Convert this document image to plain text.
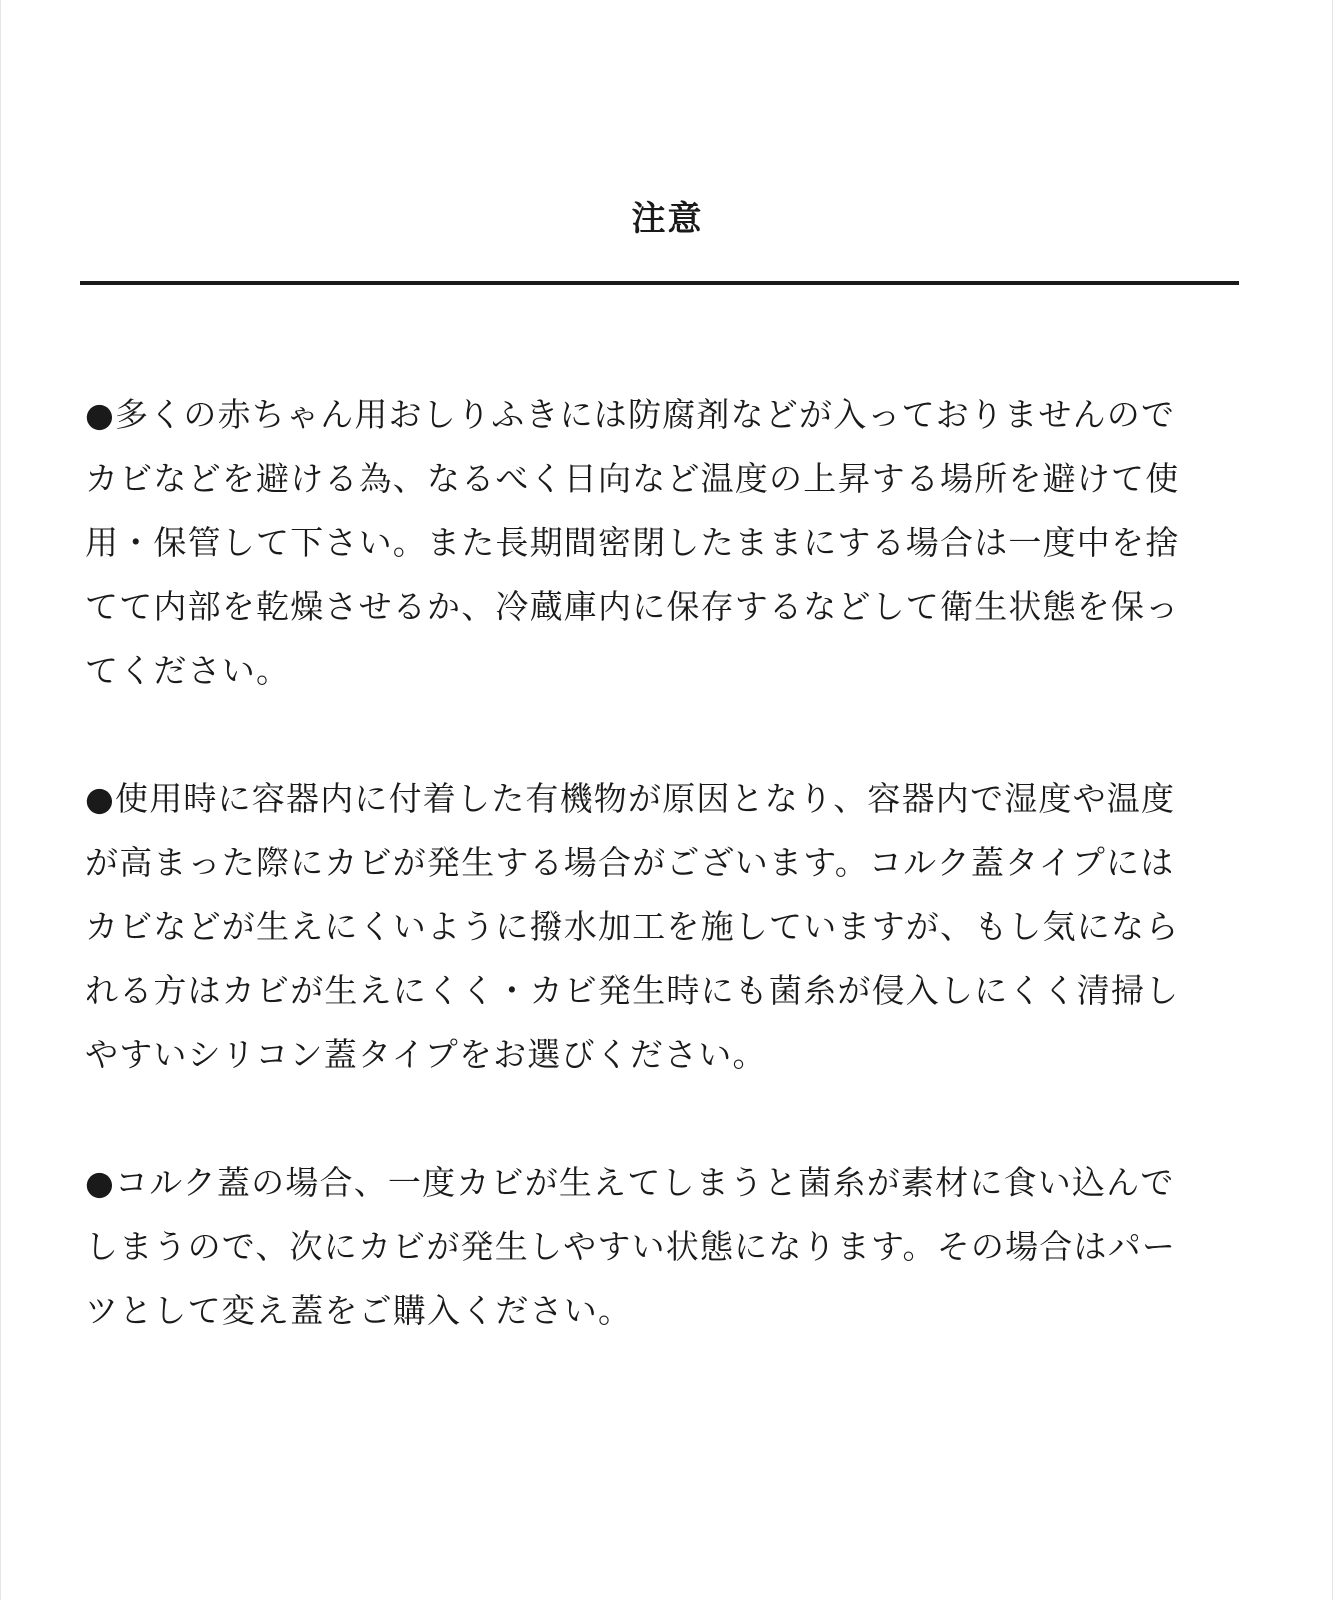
注意
●多くの赤ちゃん用おしりふきには防腐剤などが入っておりませんので
カビなどを避ける為、なるべく日向など温度の上昇する場所を避けて使
用・保管して下さい。また長期間密閉したままにする場合は一度中を捨
てて内部を乾燥させるか、冷蔵庫内に保存するなどして衛生状態を保っ
てください。
●使用時に容器内に付着した有機物が原因となり、容器内で湿度や温度
が高まった際にカビが発生する場合がございます。コルク蓋タイプには
カビなどが生えにくいように撥水加工を施していますが、もし気になら
れる方はカビが生えにくく・カビ発生時にも菌糸が侵入しにくく清掃し
やすいシリコン蓋タイプをお選びください。
●コルク蓋の場合、一度カビが生えてしまうと菌糸が素材に食い込んで
しまうので、次にカビが発生しやすい状態になります。その場合はパー
ツとして変え蓋をご購入ください。
